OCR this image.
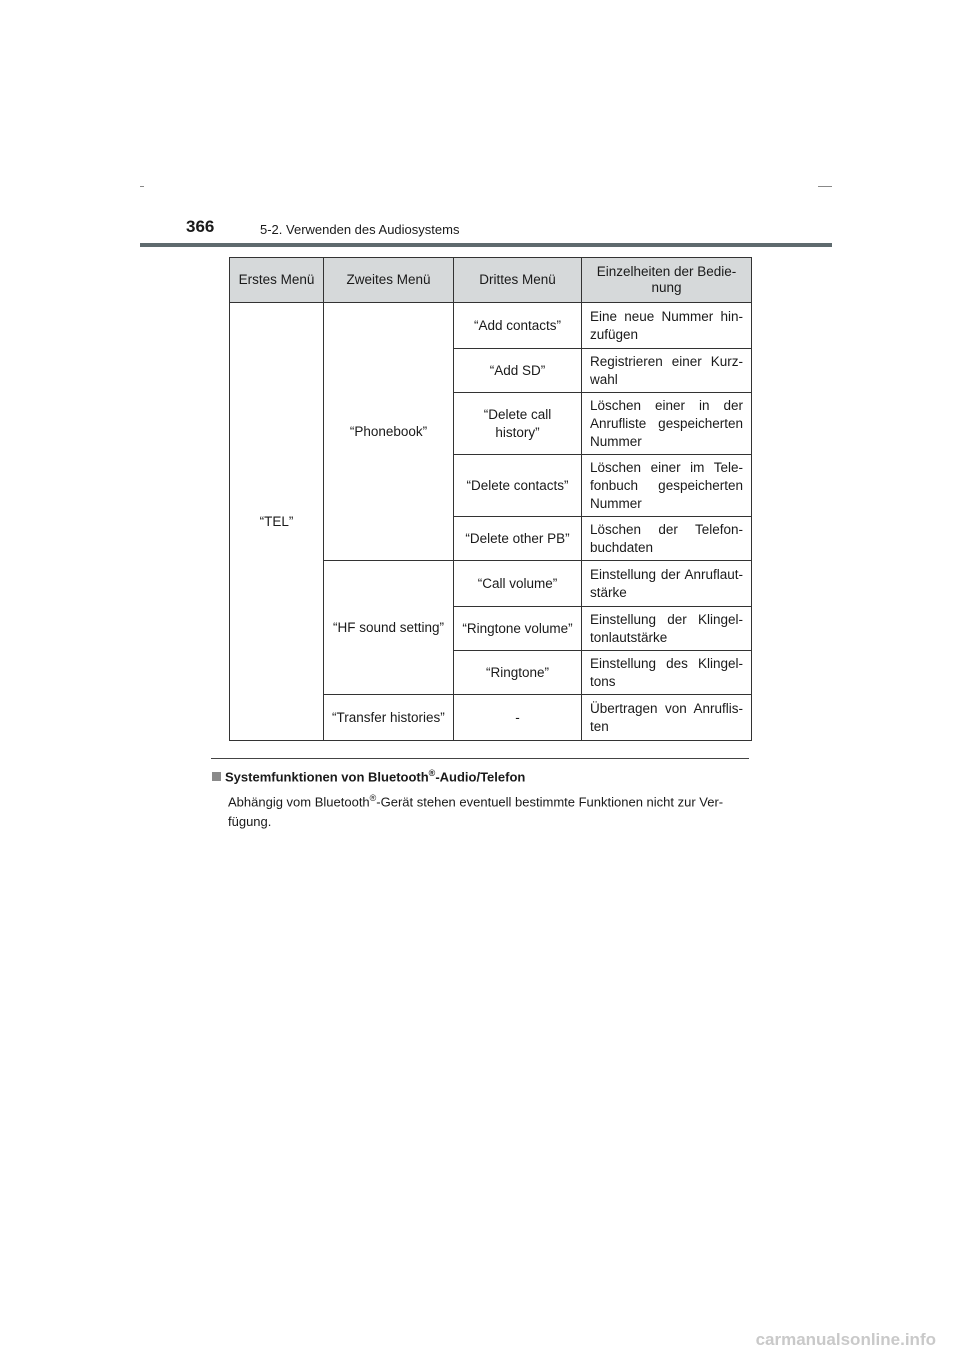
366	5-2. Verwenden des Audiosystems
Erstes Menü	Zweites Menü	Drittes Menü	Einzelheiten der Bedie-nung
“TEL”	“Phonebook”	“Add contacts”	Eine neue Nummer hin-zufügen
		“Add SD”	Registrieren einer Kurz-wahl
		“Delete call history”	Löschen einer in der Anrufliste gespeicherten Nummer
		“Delete contacts”	Löschen einer im Tele-fonbuch gespeicherten Nummer
		“Delete other PB”	Löschen der Telefon-buchdaten
	“HF sound setting”	“Call volume”	Einstellung der Anruflaut-stärke
		“Ringtone volume”	Einstellung der Klingel-tonlautstärke
		“Ringtone”	Einstellung des Klingel-tons
	“Transfer histories”	-	Übertragen von Anruflis-ten
Systemfunktionen von Bluetooth®-Audio/Telefon
Abhängig vom Bluetooth®-Gerät stehen eventuell bestimmte Funktionen nicht zur Ver-fügung.
carmanualsonline.info
